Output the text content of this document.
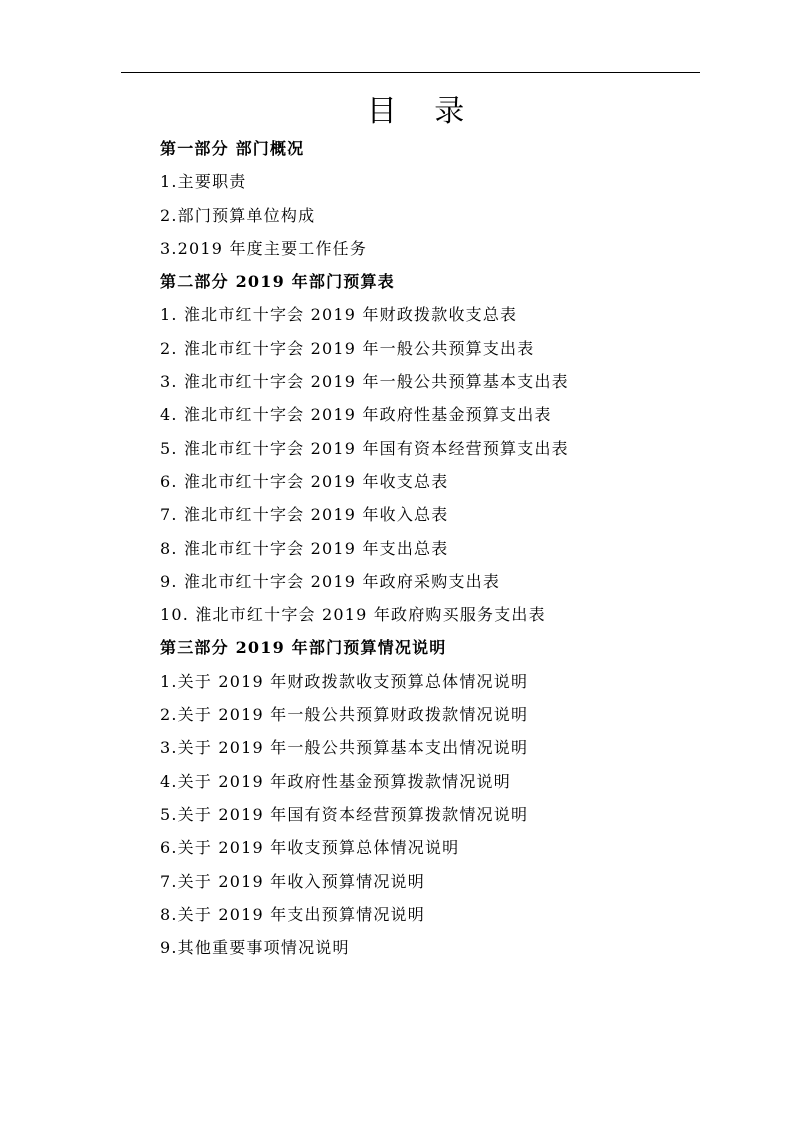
目 录
第一部分 部门概况
1.主要职责
2.部门预算单位构成
3.2019 年度主要工作任务
第二部分 2019 年部门预算表
1. 淮北市红十字会 2019 年财政拨款收支总表
2. 淮北市红十字会 2019 年一般公共预算支出表
3. 淮北市红十字会 2019 年一般公共预算基本支出表
4. 淮北市红十字会 2019 年政府性基金预算支出表
5. 淮北市红十字会 2019 年国有资本经营预算支出表
6. 淮北市红十字会 2019 年收支总表
7. 淮北市红十字会 2019 年收入总表
8. 淮北市红十字会 2019 年支出总表
9. 淮北市红十字会 2019 年政府采购支出表
10. 淮北市红十字会 2019 年政府购买服务支出表
第三部分 2019 年部门预算情况说明
1.关于 2019 年财政拨款收支预算总体情况说明
2.关于 2019 年一般公共预算财政拨款情况说明
3.关于 2019 年一般公共预算基本支出情况说明
4.关于 2019 年政府性基金预算拨款情况说明
5.关于 2019 年国有资本经营预算拨款情况说明
6.关于 2019 年收支预算总体情况说明
7.关于 2019 年收入预算情况说明
8.关于 2019 年支出预算情况说明
9.其他重要事项情况说明
